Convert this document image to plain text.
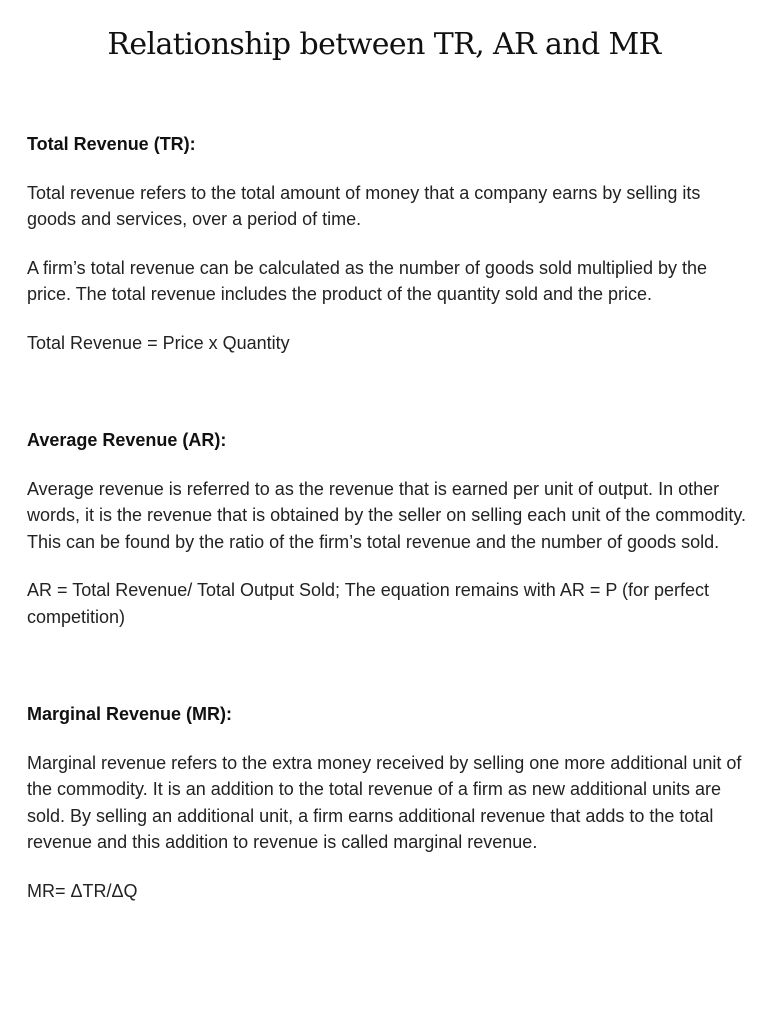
Relationship between TR, AR and MR

Total Revenue (TR):

Total revenue refers to the total amount of money that a company earns by selling its goods and services, over a period of time.

A firm’s total revenue can be calculated as the number of goods sold multiplied by the price. The total revenue includes the product of the quantity sold and the price.

Total Revenue = Price x Quantity

Average Revenue (AR):

Average revenue is referred to as the revenue that is earned per unit of output. In other words, it is the revenue that is obtained by the seller on selling each unit of the commodity. This can be found by the ratio of the firm’s total revenue and the number of goods sold.

AR = Total Revenue/ Total Output Sold; The equation remains with AR = P (for perfect competition)

Marginal Revenue (MR):

Marginal revenue refers to the extra money received by selling one more additional unit of the commodity. It is an addition to the total revenue of a firm as new additional units are sold. By selling an additional unit, a firm earns additional revenue that adds to the total revenue and this addition to revenue is called marginal revenue.

MR= ΔTR/ΔQ
